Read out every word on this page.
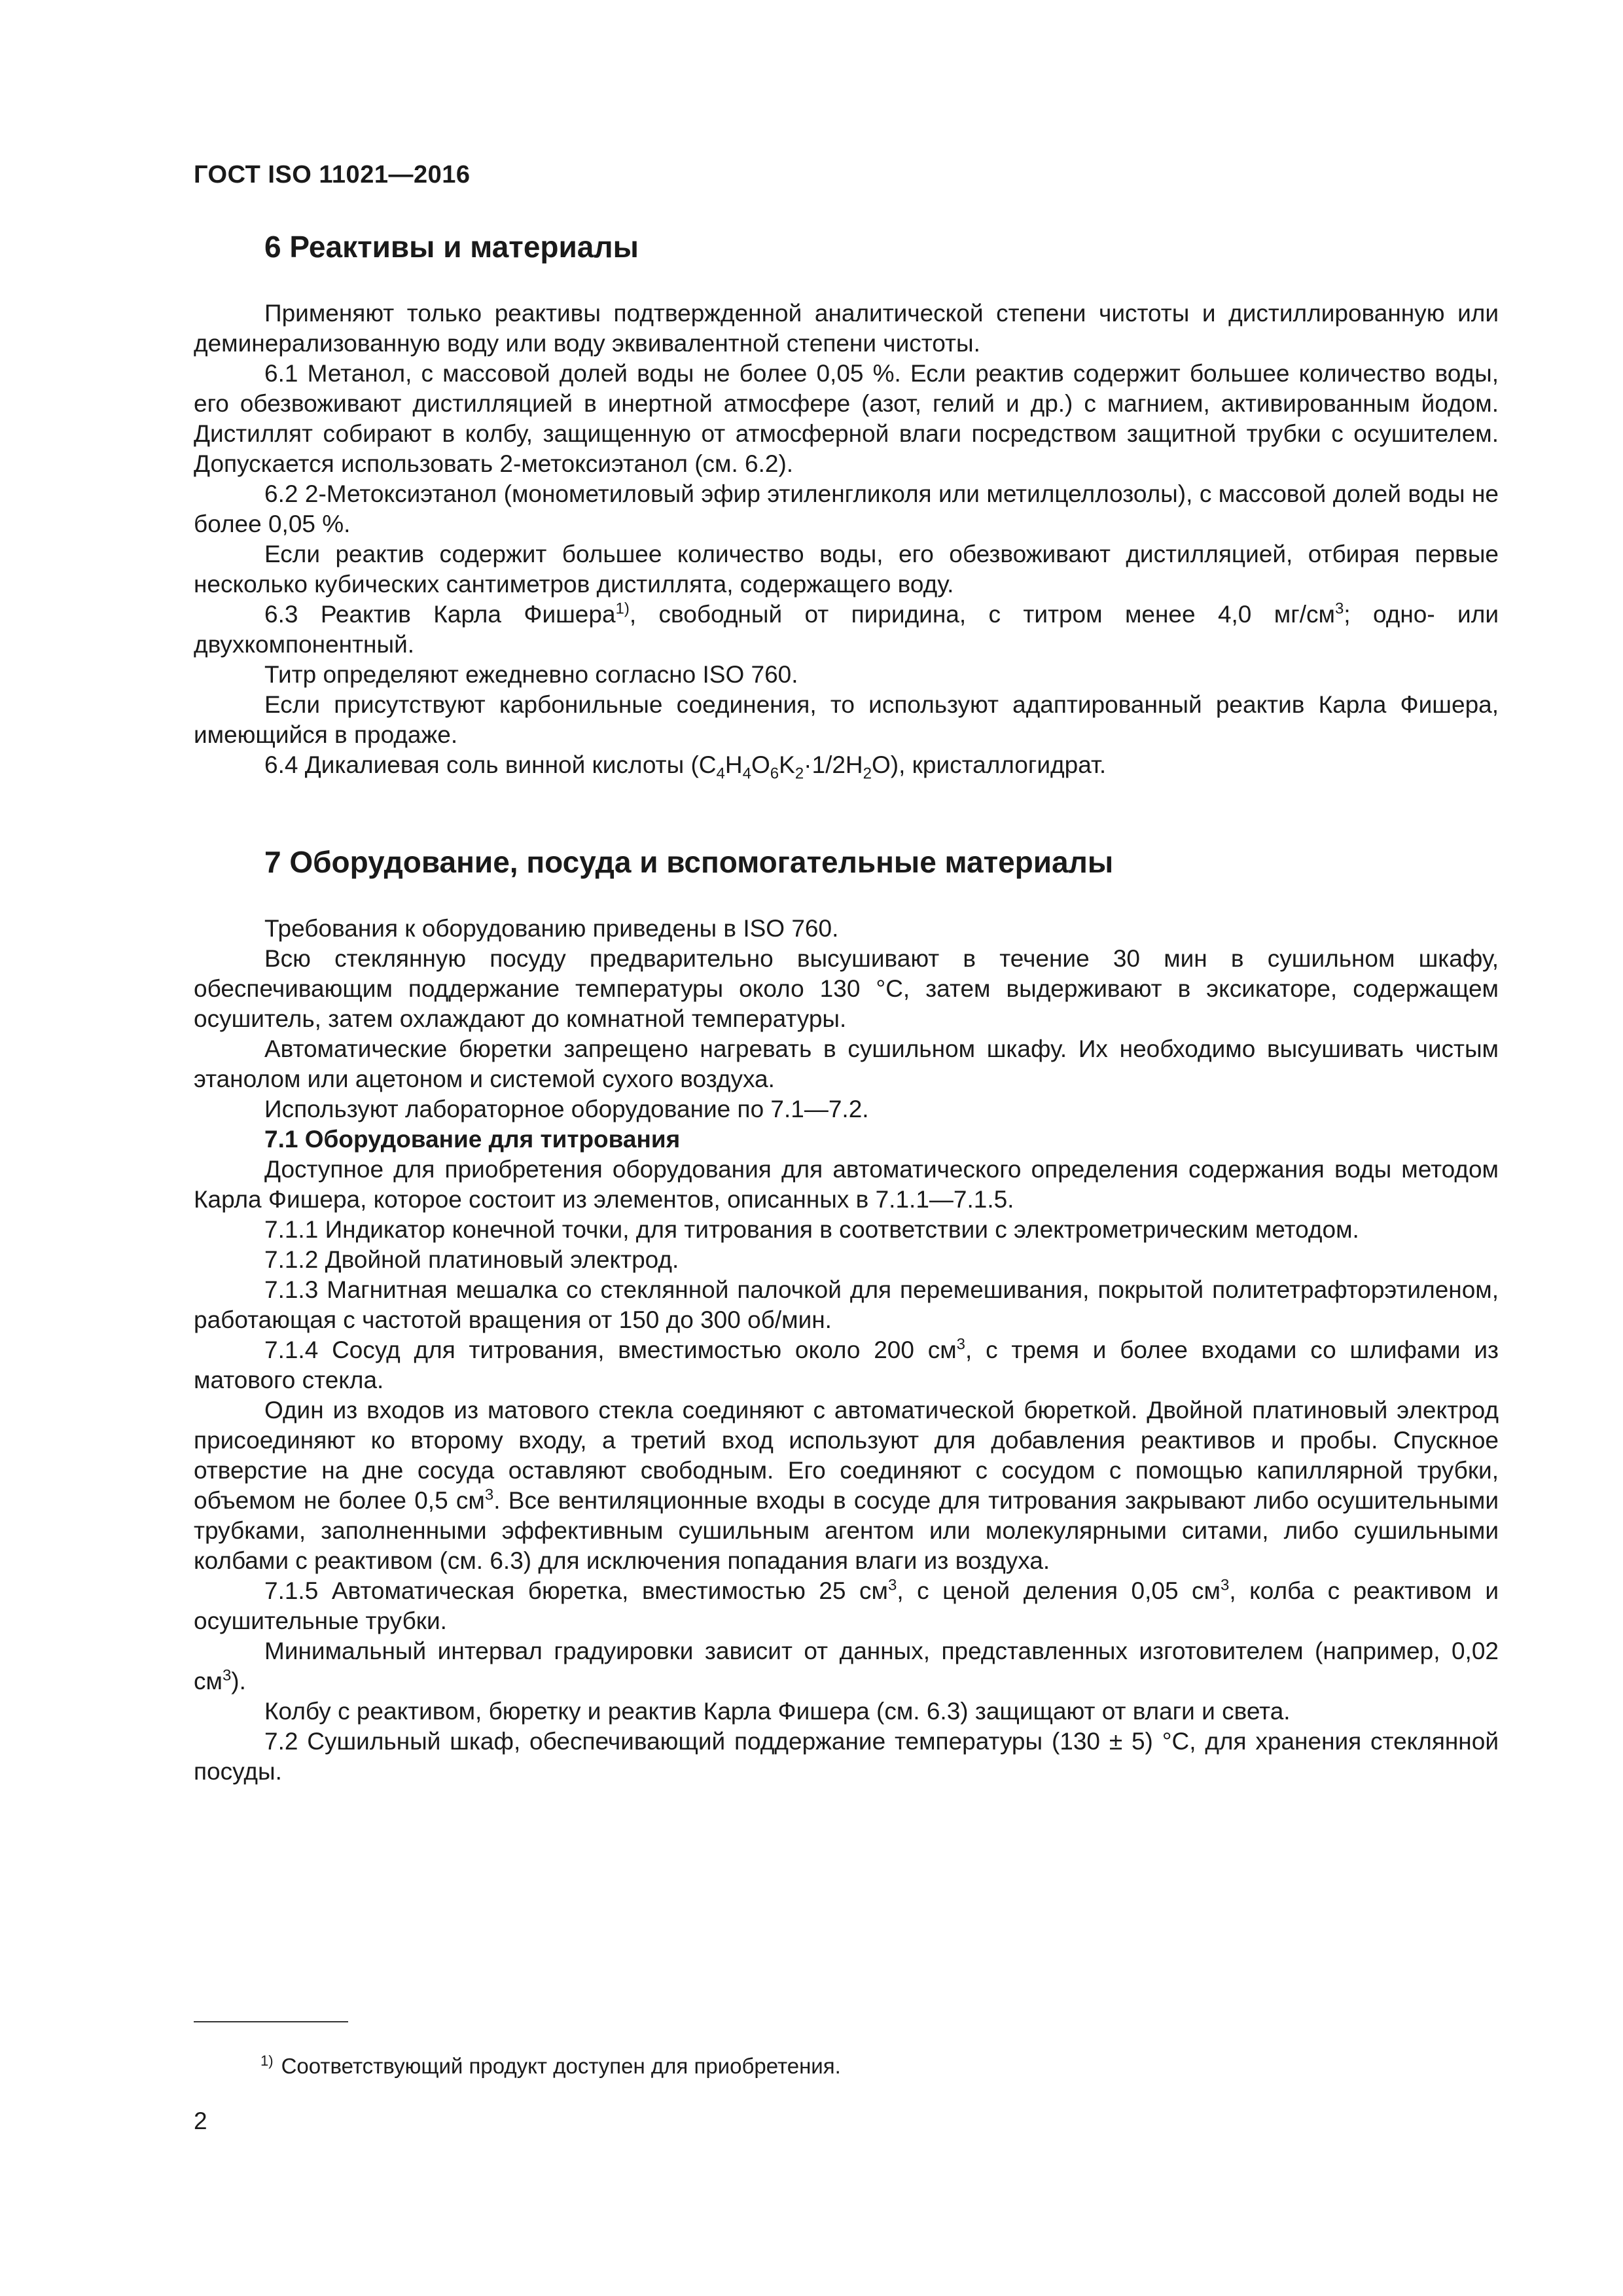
ГОСТ ISO 11021—2016
6 Реактивы и материалы

Применяют только реактивы подтвержденной аналитической степени чистоты и дистиллированную или деминерализованную воду или воду эквивалентной степени чистоты.

6.1 Метанол, с массовой долей воды не более 0,05 %. Если реактив содержит большее количество воды, его обезвоживают дистилляцией в инертной атмосфере (азот, гелий и др.) с магнием, активированным йодом. Дистиллят собирают в колбу, защищенную от атмосферной влаги посредством защитной трубки с осушителем. Допускается использовать 2-метоксиэтанол (см. 6.2).

6.2 2-Метоксиэтанол (монометиловый эфир этиленгликоля или метилцеллозолы), с массовой долей воды не более 0,05 %.

Если реактив содержит большее количество воды, его обезвоживают дистилляцией, отбирая первые несколько кубических сантиметров дистиллята, содержащего воду.

6.3 Реактив Карла Фишера$^{1)}$, свободный от пиридина, с титром менее 4,0 $мг/см^3$; одно- или двухкомпонентный.

Титр определяют ежедневно согласно ISO 760.

Если присутствуют карбонильные соединения, то используют адаптированный реактив Карла Фишера, имеющийся в продаже.

6.4 Дикалиевая соль винной кислоты $(C_4H_4O_6K_2\cdot 1/2H_2O)$, кристаллогидрат.

7 Оборудование, посуда и вспомогательные материалы

Требования к оборудованию приведены в ISO 760.

Всю стеклянную посуду предварительно высушивают в течение 30 мин в сушильном шкафу, обеспечивающим поддержание температуры около 130 °C, затем выдерживают в эксикаторе, содержащем осушитель, затем охлаждают до комнатной температуры.

Автоматические бюретки запрещено нагревать в сушильном шкафу. Их необходимо высушивать чистым этанолом или ацетоном и системой сухого воздуха.

Используют лабораторное оборудование по 7.1—7.2.

7.1 Оборудование для титрования

Доступное для приобретения оборудования для автоматического определения содержания воды методом Карла Фишера, которое состоит из элементов, описанных в 7.1.1—7.1.5.

7.1.1 Индикатор конечной точки, для титрования в соответствии с электрометрическим методом.

7.1.2 Двойной платиновый электрод.

7.1.3 Магнитная мешалка со стеклянной палочкой для перемешивания, покрытой политетрафторэтиленом, работающая с частотой вращения от 150 до 300 об/мин.

7.1.4 Сосуд для титрования, вместимостью около 200 $см^3$, с тремя и более входами со шлифами из матового стекла.

Один из входов из матового стекла соединяют с автоматической бюреткой. Двойной платиновый электрод присоединяют ко второму входу, а третий вход используют для добавления реактивов и пробы. Спускное отверстие на дне сосуда оставляют свободным. Его соединяют с сосудом с помощью капиллярной трубки, объемом не более 0,5 $см^3$. Все вентиляционные входы в сосуде для титрования закрывают либо осушительными трубками, заполненными эффективным сушильным агентом или молекулярными ситами, либо сушильными колбами с реактивом (см. 6.3) для исключения попадания влаги из воздуха.

7.1.5 Автоматическая бюретка, вместимостью 25 $см^3$, с ценой деления 0,05 $см^3$, колба с реактивом и осушительные трубки.

Минимальный интервал градуировки зависит от данных, представленных изготовителем (например, 0,02 $см^3$).

Колбу с реактивом, бюретку и реактив Карла Фишера (см. 6.3) защищают от влаги и света.

7.2 Сушильный шкаф, обеспечивающий поддержание температуры (130 ± 5) °C, для хранения стеклянной посуды.

$^{1)}$ Соответствующий продукт доступен для приобретения.
2
